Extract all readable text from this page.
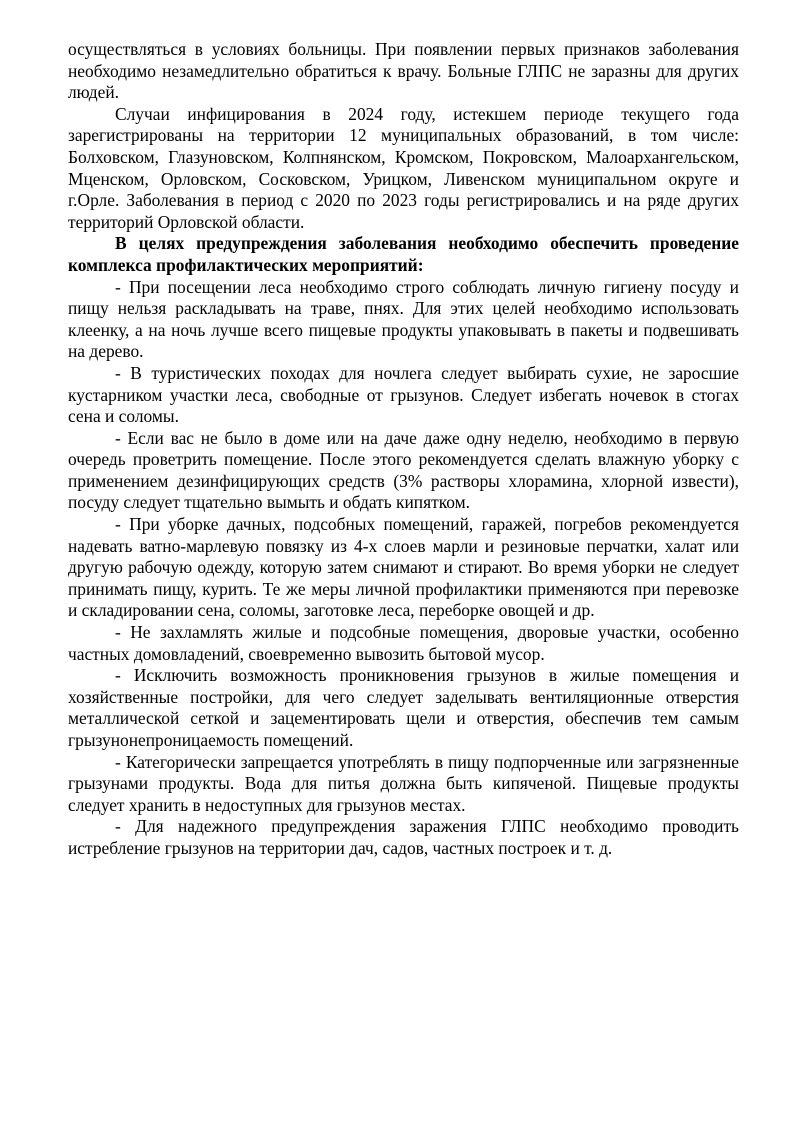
осуществляться в условиях больницы. При появлении первых признаков заболевания необходимо незамедлительно обратиться к врачу. Больные ГЛПС не заразны для других людей.

Случаи инфицирования в 2024 году, истекшем периоде текущего года зарегистрированы на территории 12 муниципальных образований, в том числе: Болховском, Глазуновском, Колпнянском, Кромском, Покровском, Малоархангельском, Мценском, Орловском, Сосковском, Урицком, Ливенском муниципальном округе и г.Орле. Заболевания в период с 2020 по 2023 годы регистрировались и на ряде других территорий Орловской области.

В целях предупреждения заболевания необходимо обеспечить проведение комплекса профилактических мероприятий:

- При посещении леса необходимо строго соблюдать личную гигиену посуду и пищу нельзя раскладывать на траве, пнях. Для этих целей необходимо использовать клеенку, а на ночь лучше всего пищевые продукты упаковывать в пакеты и подвешивать на дерево.

- В туристических походах для ночлега следует выбирать сухие, не заросшие кустарником участки леса, свободные от грызунов. Следует избегать ночевок в стогах сена и соломы.

- Если вас не было в доме или на даче даже одну неделю, необходимо в первую очередь проветрить помещение. После этого рекомендуется сделать влажную уборку с применением дезинфицирующих средств (3% растворы хлорамина, хлорной извести), посуду следует тщательно вымыть и обдать кипятком.

- При уборке дачных, подсобных помещений, гаражей, погребов рекомендуется надевать ватно-марлевую повязку из 4-х слоев марли и резиновые перчатки, халат или другую рабочую одежду, которую затем снимают и стирают. Во время уборки не следует принимать пищу, курить. Те же меры личной профилактики применяются при перевозке и складировании сена, соломы, заготовке леса, переборке овощей и др.

- Не захламлять жилые и подсобные помещения, дворовые участки, особенно частных домовладений, своевременно вывозить бытовой мусор.

- Исключить возможность проникновения грызунов в жилые помещения и хозяйственные постройки, для чего следует заделывать вентиляционные отверстия металлической сеткой и зацементировать щели и отверстия, обеспечив тем самым грызунонепроницаемость помещений.

- Категорически запрещается употреблять в пищу подпорченные или загрязненные грызунами продукты. Вода для питья должна быть кипяченой. Пищевые продукты следует хранить в недоступных для грызунов местах.

- Для надежного предупреждения заражения ГЛПС необходимо проводить истребление грызунов на территории дач, садов, частных построек и т. д.
